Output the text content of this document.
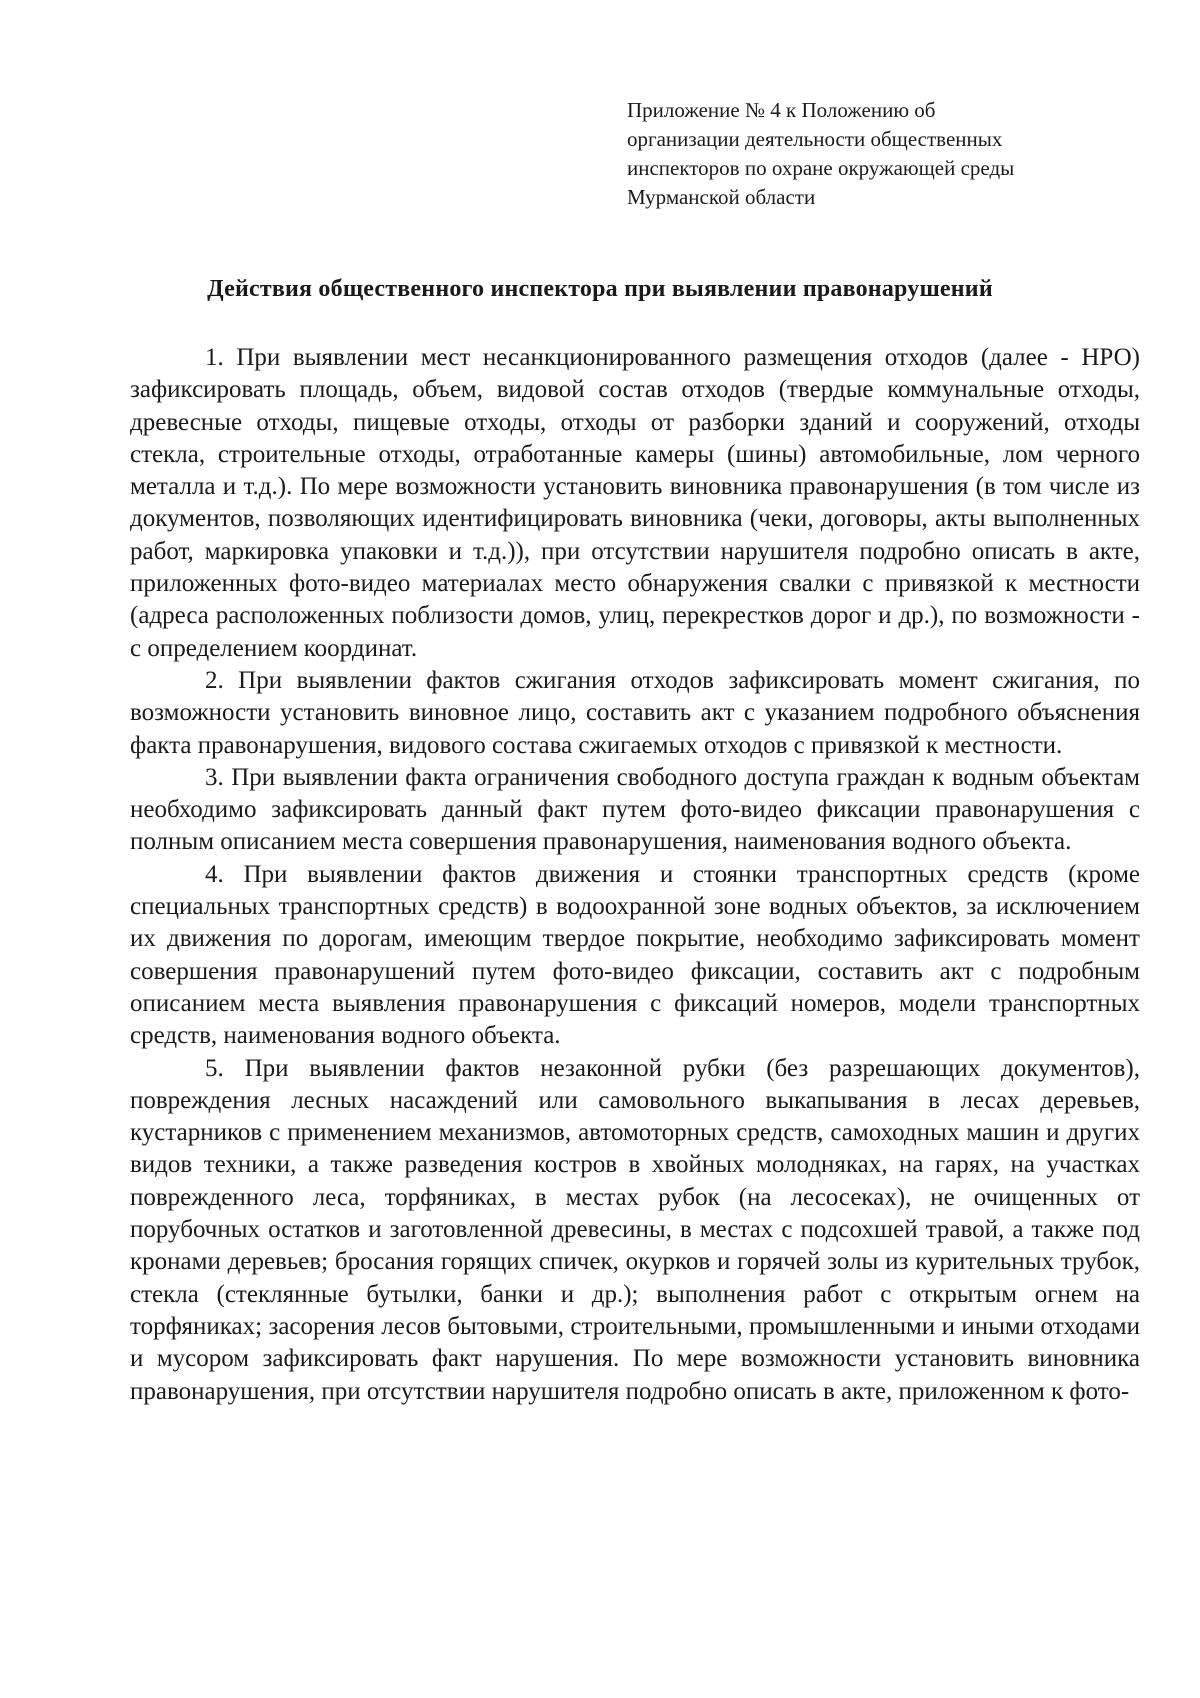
Приложение № 4 к Положению об
организации деятельности общественных
инспекторов по охране окружающей среды
Мурманской области
Действия общественного инспектора при выявлении правонарушений

1. При выявлении мест несанкционированного размещения отходов (далее - НРО) зафиксировать площадь, объем, видовой состав отходов (твердые коммунальные отходы, древесные отходы, пищевые отходы, отходы от разборки зданий и сооружений, отходы стекла, строительные отходы, отработанные камеры (шины) автомобильные, лом черного металла и т.д.). По мере возможности установить виновника правонарушения (в том числе из документов, позволяющих идентифицировать виновника (чеки, договоры, акты выполненных работ, маркировка упаковки и т.д.)), при отсутствии нарушителя подробно описать в акте, приложенных фото-видео материалах место обнаружения свалки с привязкой к местности (адреса расположенных поблизости домов, улиц, перекрестков дорог и др.), по возможности - с определением координат.

2. При выявлении фактов сжигания отходов зафиксировать момент сжигания, по возможности установить виновное лицо, составить акт с указанием подробного объяснения факта правонарушения, видового состава сжигаемых отходов с привязкой к местности.

3. При выявлении факта ограничения свободного доступа граждан к водным объектам необходимо зафиксировать данный факт путем фото-видео фиксации правонарушения с полным описанием места совершения правонарушения, наименования водного объекта.

4. При выявлении фактов движения и стоянки транспортных средств (кроме специальных транспортных средств) в водоохранной зоне водных объектов, за исключением их движения по дорогам, имеющим твердое покрытие, необходимо зафиксировать момент совершения правонарушений путем фото-видео фиксации, составить акт с подробным описанием места выявления правонарушения с фиксаций номеров, модели транспортных средств, наименования водного объекта.

5. При выявлении фактов незаконной рубки (без разрешающих документов), повреждения лесных насаждений или самовольного выкапывания в лесах деревьев, кустарников с применением механизмов, автомоторных средств, самоходных машин и других видов техники, а также разведения костров в хвойных молодняках, на гарях, на участках поврежденного леса, торфяниках, в местах рубок (на лесосеках), не очищенных от порубочных остатков и заготовленной древесины, в местах с подсохшей травой, а также под кронами деревьев; бросания горящих спичек, окурков и горячей золы из курительных трубок, стекла (стеклянные бутылки, банки и др.); выполнения работ с открытым огнем на торфяниках; засорения лесов бытовыми, строительными, промышленными и иными отходами и мусором зафиксировать факт нарушения. По мере возможности установить виновника правонарушения, при отсутствии нарушителя подробно описать в акте, приложенном к фото-
